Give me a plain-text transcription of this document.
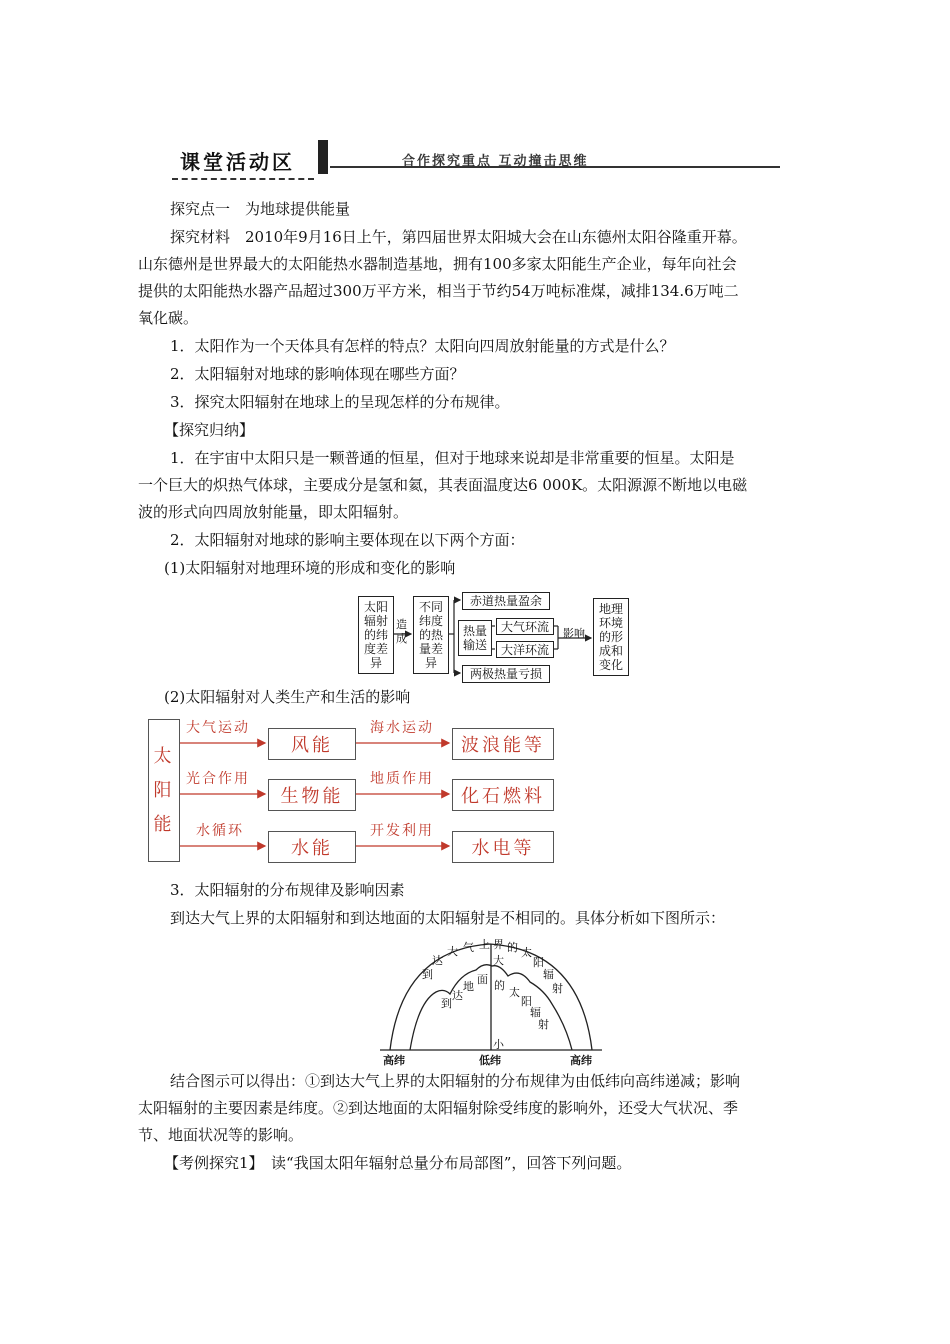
课堂活动区	合作探究重点 互动撞击思维
探究点一　为地球提供能量
探究材料　2010年9月16日上午，第四届世界太阳城大会在山东德州太阳谷隆重开幕。
山东德州是世界最大的太阳能热水器制造基地，拥有100多家太阳能生产企业，每年向社会
提供的太阳能热水器产品超过300万平方米，相当于节约54万吨标准煤，减排134.6万吨二
氧化碳。
1．太阳作为一个天体具有怎样的特点？太阳向四周放射能量的方式是什么？
2．太阳辐射对地球的影响体现在哪些方面？
3．探究太阳辐射在地球上的呈现怎样的分布规律。
【探究归纳】
1．在宇宙中太阳只是一颗普通的恒星，但对于地球来说却是非常重要的恒星。太阳是
一个巨大的炽热气体球，主要成分是氢和氦，其表面温度达6 000K。太阳源源不断地以电磁
波的形式向四周放射能量，即太阳辐射。
2．太阳辐射对地球的影响主要体现在以下两个方面：
(1)太阳辐射对地理环境的形成和变化的影响
太阳
辐射
的纬
度差
异
造
成
不同
纬度
的热
量差
异
赤道热量盈余
热量
输送
大气环流
大洋环流
两极热量亏损
影响
地理
环境
的形
成和
变化
(2)太阳辐射对人类生产和生活的影响
太
阳
能
大气运动
风能
海水运动
波浪能等
光合作用
生物能
地质作用
化石燃料
水循环
水能
开发利用
水电等
3．太阳辐射的分布规律及影响因素
到达大气上界的太阳辐射和到达地面的太阳辐射是不相同的。具体分析如下图所示：
到
达
大 气 上 界 的 太
阳
辐
射
到
达
地
面 的
太
阳
辐
射
大
小
高纬	低纬	高纬
结合图示可以得出：①到达大气上界的太阳辐射的分布规律为由低纬向高纬递减；影响
太阳辐射的主要因素是纬度。②到达地面的太阳辐射除受纬度的影响外，还受大气状况、季
节、地面状况等的影响。
【考例探究1】　读“我国太阳年辐射总量分布局部图”，回答下列问题。
